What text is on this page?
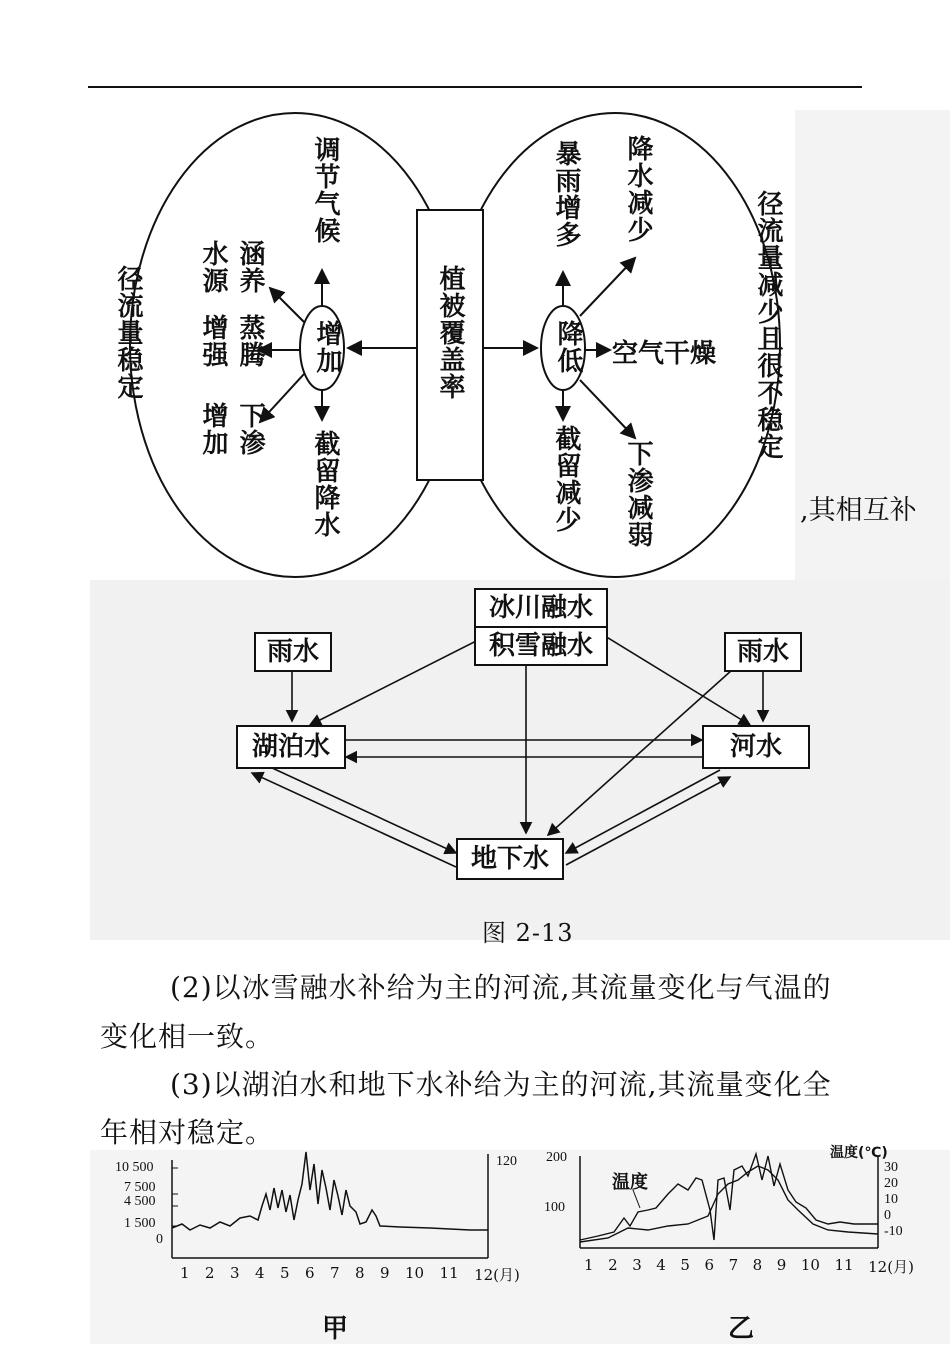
径流量稳定
调节气候
涵养水源
蒸腾增强
下渗增加
截留降水
增加	植被覆盖率	降低
暴雨增多 降水减少
空气干燥
截留减少 下渗减弱
径流量减少且很不稳定
,其相互补
冰川融水
积雪融水
雨水	雨水
湖泊水	河水
地下水
图 2-13
(2)以冰雪融水补给为主的河流,其流量变化与气温的
变化相一致。
(3)以湖泊水和地下水补给为主的河流,其流量变化全
年相对稳定。
10 500
7 500
4 500
1 500
0
120
1 2 3 4 5 6 7 8 9 10 11 12(月)
甲
200
100
温度(℃)
30
20
10
0
-10
温度
1 2 3 4 5 6 7 8 9 10 11 12(月)
乙
